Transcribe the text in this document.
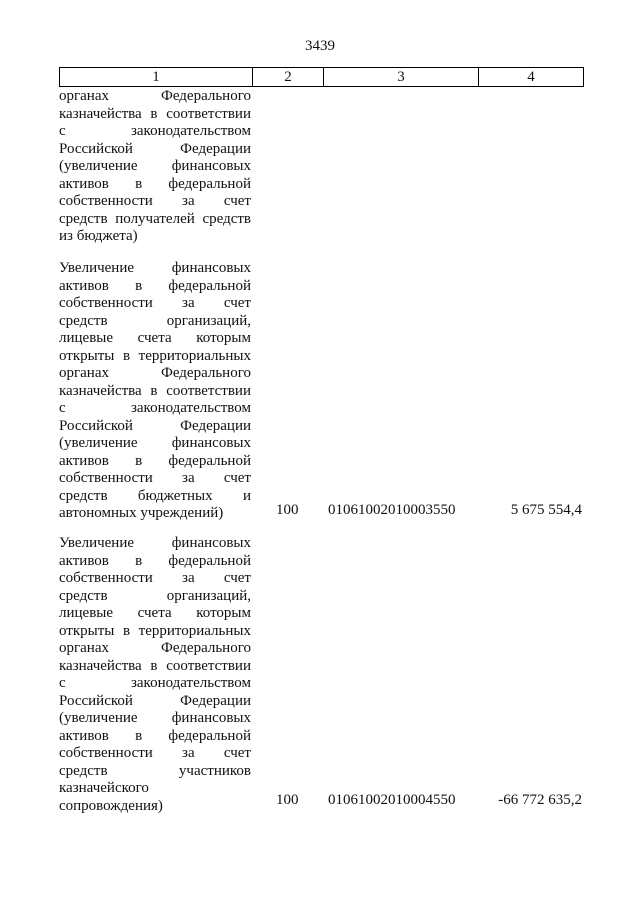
3439
1	2	3	4
органах Федерального казначейства в соответствии с законодательством Российской Федерации (увеличение финансовых активов в федеральной собственности за счет средств получателей средств из бюджета)
Увеличение финансовых активов в федеральной собственности за счет средств организаций, лицевые счета которым открыты в территориальных органах Федерального казначейства в соответствии с законодательством Российской Федерации (увеличение финансовых активов в федеральной собственности за счет средств бюджетных и автономных учреждений)	100 01061002010003550	5 675 554,4
Увеличение финансовых активов в федеральной собственности за счет средств организаций, лицевые счета которым открыты в территориальных органах Федерального казначейства в соответствии с законодательством Российской Федерации (увеличение финансовых активов в федеральной собственности за счет средств участников казначейского сопровождения)	100 01061002010004550	-66 772 635,2
